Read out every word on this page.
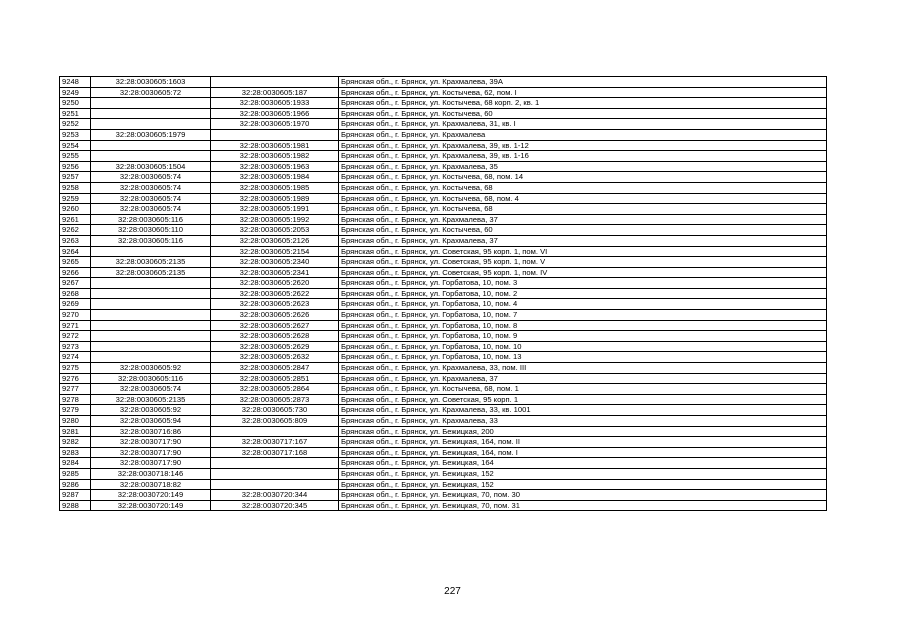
9248	32:28:0030605:1603		Брянская обл., г. Брянск, ул. Крахмалева, 39А
9249	32:28:0030605:72	32:28:0030605:187	Брянская обл., г. Брянск, ул. Костычева, 62, пом. I
9250		32:28:0030605:1933	Брянская обл., г. Брянск, ул. Костычева, 68 корп. 2, кв. 1
9251		32:28:0030605:1966	Брянская обл., г. Брянск, ул. Костычева, 60
9252		32:28:0030605:1970	Брянская обл., г. Брянск, ул. Крахмалева, 31, кв. I
9253	32:28:0030605:1979		Брянская обл., г. Брянск, ул. Крахмалева
9254		32:28:0030605:1981	Брянская обл., г. Брянск, ул. Крахмалева, 39, кв. 1-12
9255		32:28:0030605:1982	Брянская обл., г. Брянск, ул. Крахмалева, 39, кв. 1-16
9256	32:28:0030605:1504	32:28:0030605:1963	Брянская обл., г. Брянск, ул. Крахмалева, 35
9257	32:28:0030605:74	32:28:0030605:1984	Брянская обл., г. Брянск, ул. Костычева, 68, пом. 14
9258	32:28:0030605:74	32:28:0030605:1985	Брянская обл., г. Брянск, ул. Костычева, 68
9259	32:28:0030605:74	32:28:0030605:1989	Брянская обл., г. Брянск, ул. Костычева, 68, пом. 4
9260	32:28:0030605:74	32:28:0030605:1991	Брянская обл., г. Брянск, ул. Костычева, 68
9261	32:28:0030605:116	32:28:0030605:1992	Брянская обл., г. Брянск, ул. Крахмалева, 37
9262	32:28:0030605:110	32:28:0030605:2053	Брянская обл., г. Брянск, ул. Костычева, 60
9263	32:28:0030605:116	32:28:0030605:2126	Брянская обл., г. Брянск, ул. Крахмалева, 37
9264		32:28:0030605:2154	Брянская обл., г. Брянск, ул. Советская, 95 корп. 1, пом. VI
9265	32:28:0030605:2135	32:28:0030605:2340	Брянская обл., г. Брянск, ул. Советская, 95 корп. 1, пом. V
9266	32:28:0030605:2135	32:28:0030605:2341	Брянская обл., г. Брянск, ул. Советская, 95 корп. 1, пом. IV
9267		32:28:0030605:2620	Брянская обл., г. Брянск, ул. Горбатова, 10, пом. 3
9268		32:28:0030605:2622	Брянская обл., г. Брянск, ул. Горбатова, 10, пом. 2
9269		32:28:0030605:2623	Брянская обл., г. Брянск, ул. Горбатова, 10, пом. 4
9270		32:28:0030605:2626	Брянская обл., г. Брянск, ул. Горбатова, 10, пом. 7
9271		32:28:0030605:2627	Брянская обл., г. Брянск, ул. Горбатова, 10, пом. 8
9272		32:28:0030605:2628	Брянская обл., г. Брянск, ул. Горбатова, 10, пом. 9
9273		32:28:0030605:2629	Брянская обл., г. Брянск, ул. Горбатова, 10, пом. 10
9274		32:28:0030605:2632	Брянская обл., г. Брянск, ул. Горбатова, 10, пом. 13
9275	32:28:0030605:92	32:28:0030605:2847	Брянская обл., г. Брянск, ул. Крахмалева, 33, пом. III
9276	32:28:0030605:116	32:28:0030605:2851	Брянская обл., г. Брянск, ул. Крахмалева, 37
9277	32:28:0030605:74	32:28:0030605:2864	Брянская обл., г. Брянск, ул. Костычева, 68, пом. 1
9278	32:28:0030605:2135	32:28:0030605:2873	Брянская обл., г. Брянск, ул. Советская, 95 корп. 1
9279	32:28:0030605:92	32:28:0030605:730	Брянская обл., г. Брянск, ул. Крахмалева, 33, кв. 1001
9280	32:28:0030605:94	32:28:0030605:809	Брянская обл., г. Брянск, ул. Крахмалева, 33
9281	32:28:0030716:86		Брянская обл., г. Брянск, ул. Бежицкая, 200
9282	32:28:0030717:90	32:28:0030717:167	Брянская обл., г. Брянск, ул. Бежицкая, 164, пом. II
9283	32:28:0030717:90	32:28:0030717:168	Брянская обл., г. Брянск, ул. Бежицкая, 164, пом. I
9284	32:28:0030717:90		Брянская обл., г. Брянск, ул. Бежицкая, 164
9285	32:28:0030718:146		Брянская обл., г. Брянск, ул. Бежицкая, 152
9286	32:28:0030718:82		Брянская обл., г. Брянск, ул. Бежицкая, 152
9287	32:28:0030720:149	32:28:0030720:344	Брянская обл., г. Брянск, ул. Бежицкая, 70, пом. 30
9288	32:28:0030720:149	32:28:0030720:345	Брянская обл., г. Брянск, ул. Бежицкая, 70, пом. 31
227
